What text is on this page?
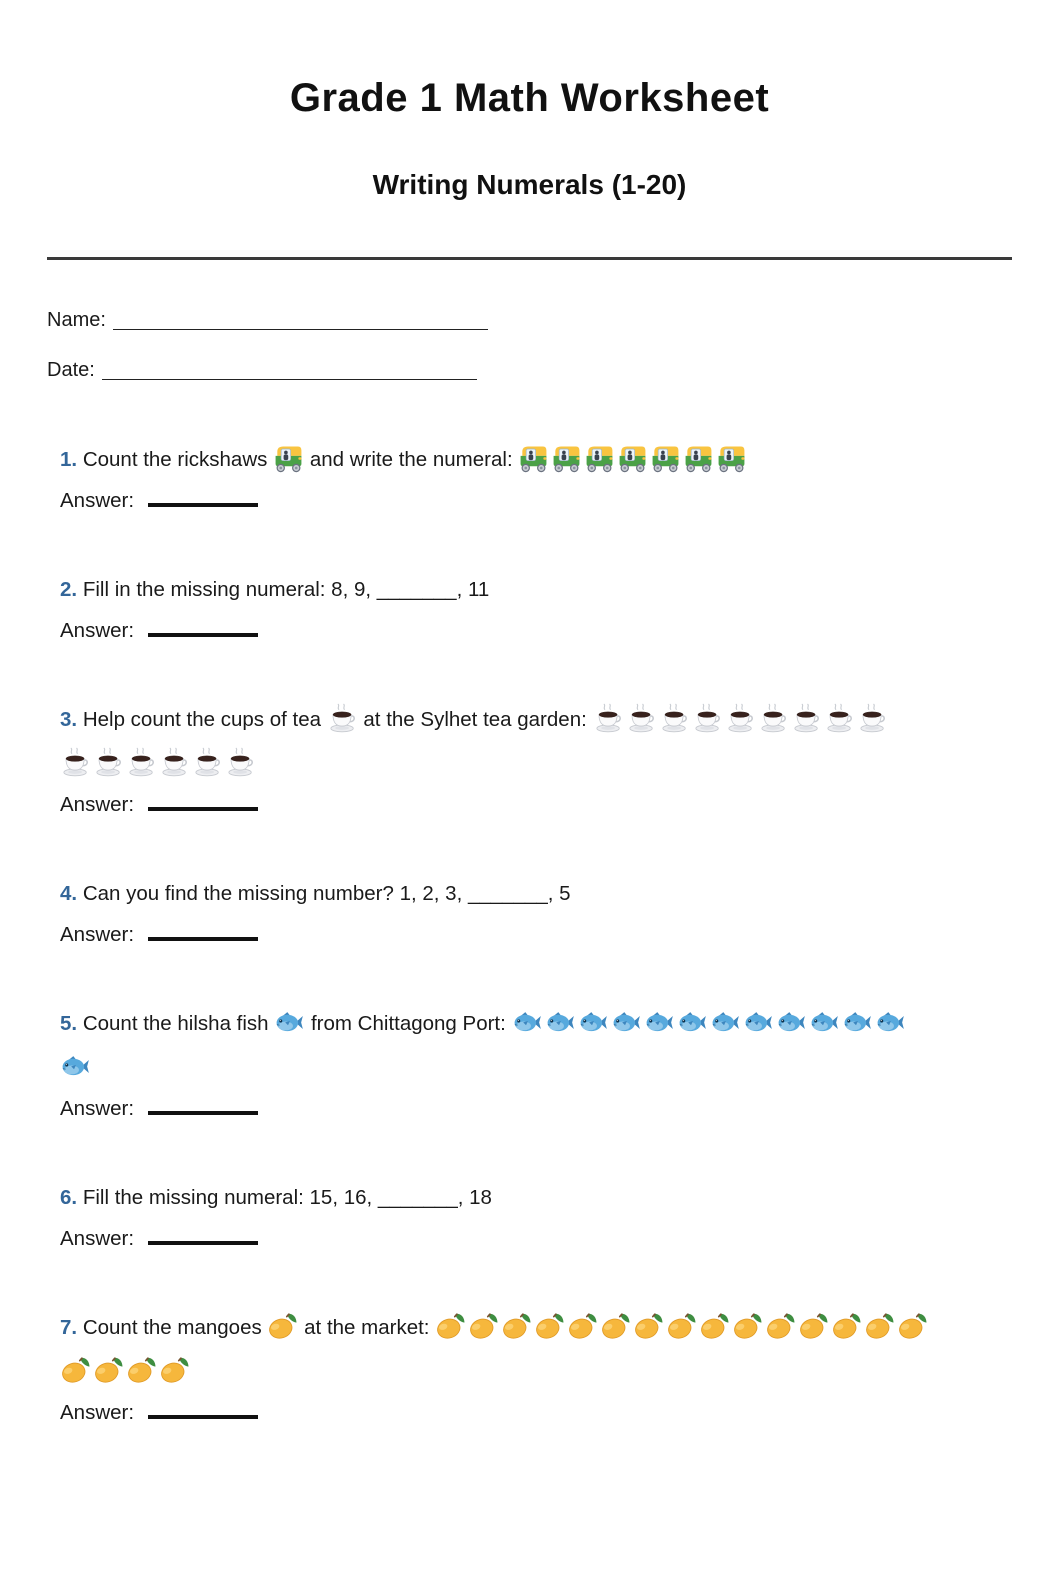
Grade 1 Math Worksheet
Writing Numerals (1-20)
Name:
Date:

1. Count the rickshaws and write the numeral:

Answer:

2. Fill in the missing numeral: 8, 9, _______, 11

Answer:

3. Help count the cups of tea at the Sylhet tea garden:

Answer:

4. Can you find the missing number? 1, 2, 3, _______, 5

Answer:

5. Count the hilsha fish from Chittagong Port:

Answer:

6. Fill the missing numeral: 15, 16, _______, 18

Answer:

7. Count the mangoes at the market:

Answer:
